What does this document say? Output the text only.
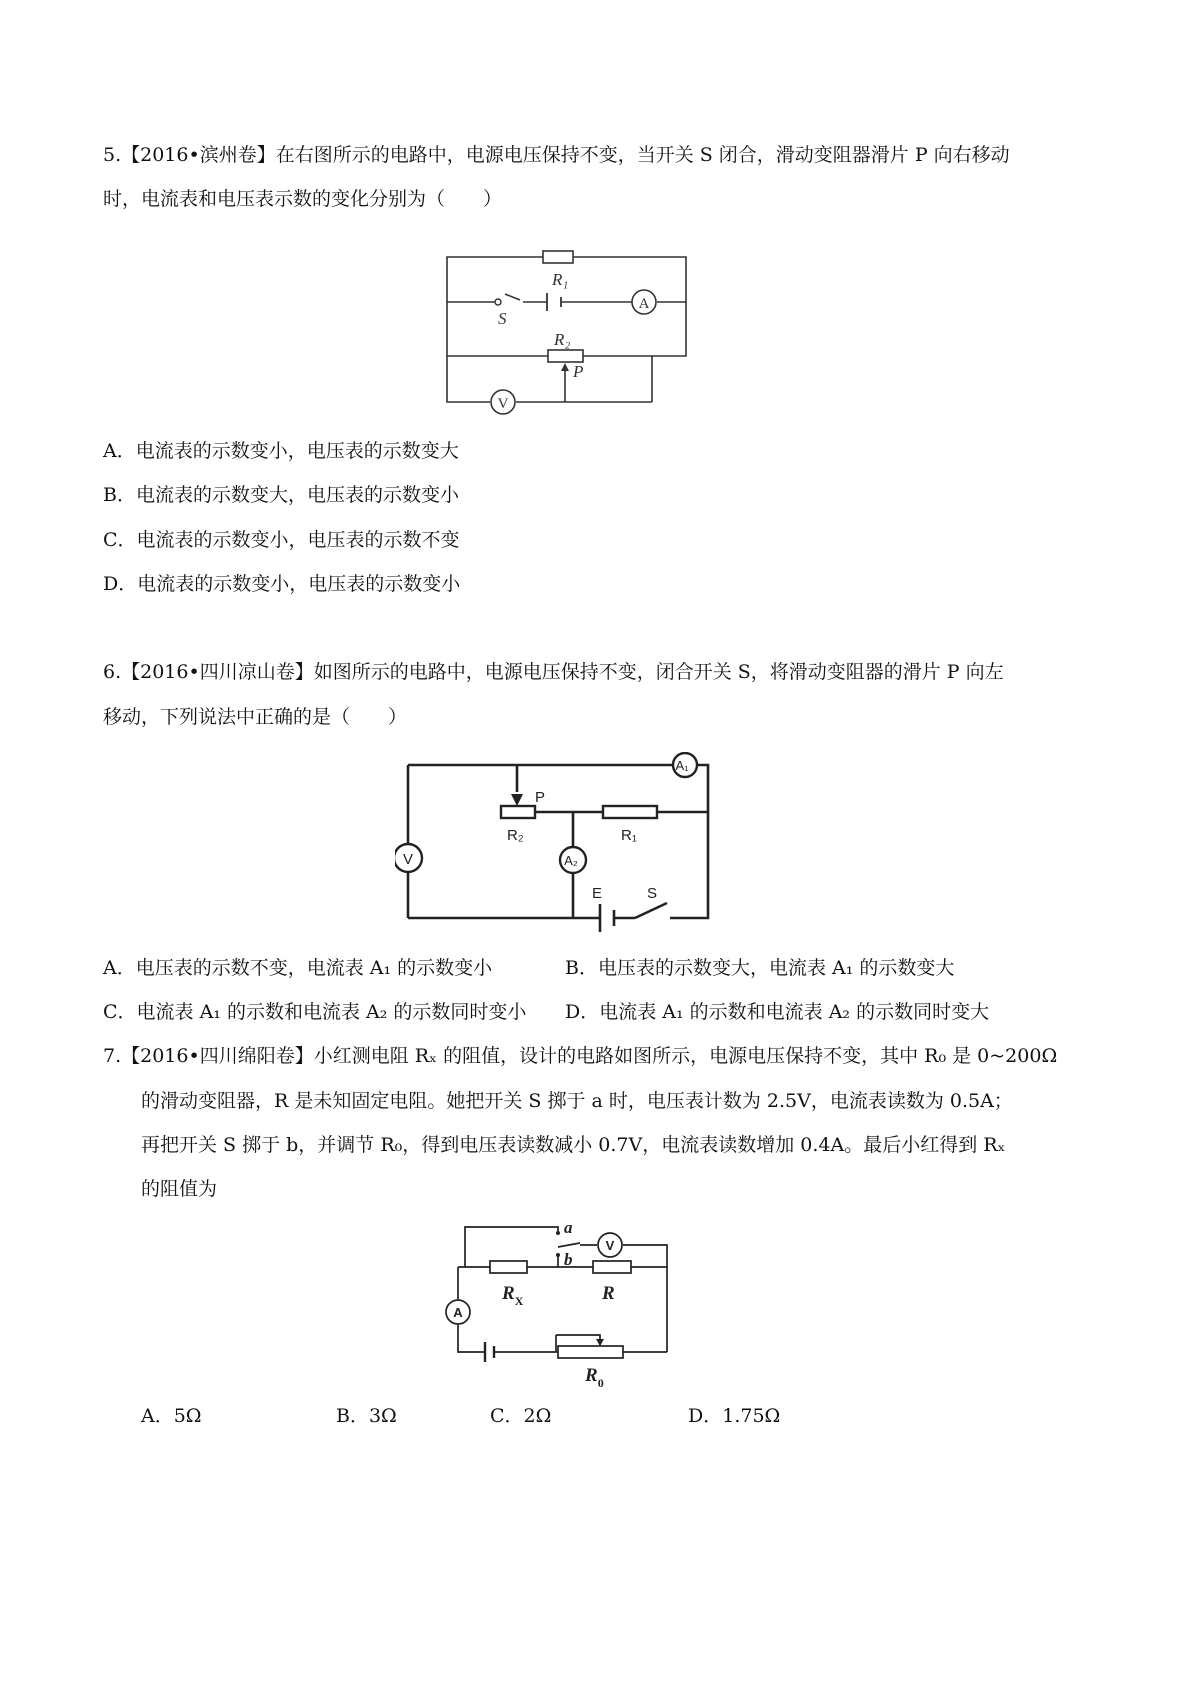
5.【2016•滨州卷】在右图所示的电路中，电源电压保持不变，当开关 S 闭合，滑动变阻器滑片 P 向右移动
时，电流表和电压表示数的变化分别为（　　）
A
V
R₁
S
R₂
P
A．电流表的示数变小，电压表的示数变大
B．电流表的示数变大，电压表的示数变小
C．电流表的示数变小，电压表的示数不变
D．电流表的示数变小，电压表的示数变小
6.【2016•四川凉山卷】如图所示的电路中，电源电压保持不变，闭合开关 S，将滑动变阻器的滑片 P 向左
移动，下列说法中正确的是（　　）
A₁
V	A₂
P
R₂	R₁
E	S
A．电压表的示数不变，电流表 A₁ 的示数变小	B．电压表的示数变大，电流表 A₁ 的示数变大
C．电流表 A₁ 的示数和电流表 A₂ 的示数同时变小 D．电流表 A₁ 的示数和电流表 A₂ 的示数同时变大
7.【2016•四川绵阳卷】小红测电阻 Rₓ 的阻值，设计的电路如图所示，电源电压保持不变，其中 R₀ 是 0~200Ω
的滑动变阻器，R 是未知固定电阻。她把开关 S 掷于 a 时，电压表计数为 2.5V，电流表读数为 0.5A；
再把开关 S 掷于 b，并调节 R₀，得到电压表读数减小 0.7V，电流表读数增加 0.4A。最后小红得到 Rₓ
的阻值为
V
A
a
b
$R_X$	R
$R_0$
A．5Ω	B．3Ω	C．2Ω	D．1.75Ω
